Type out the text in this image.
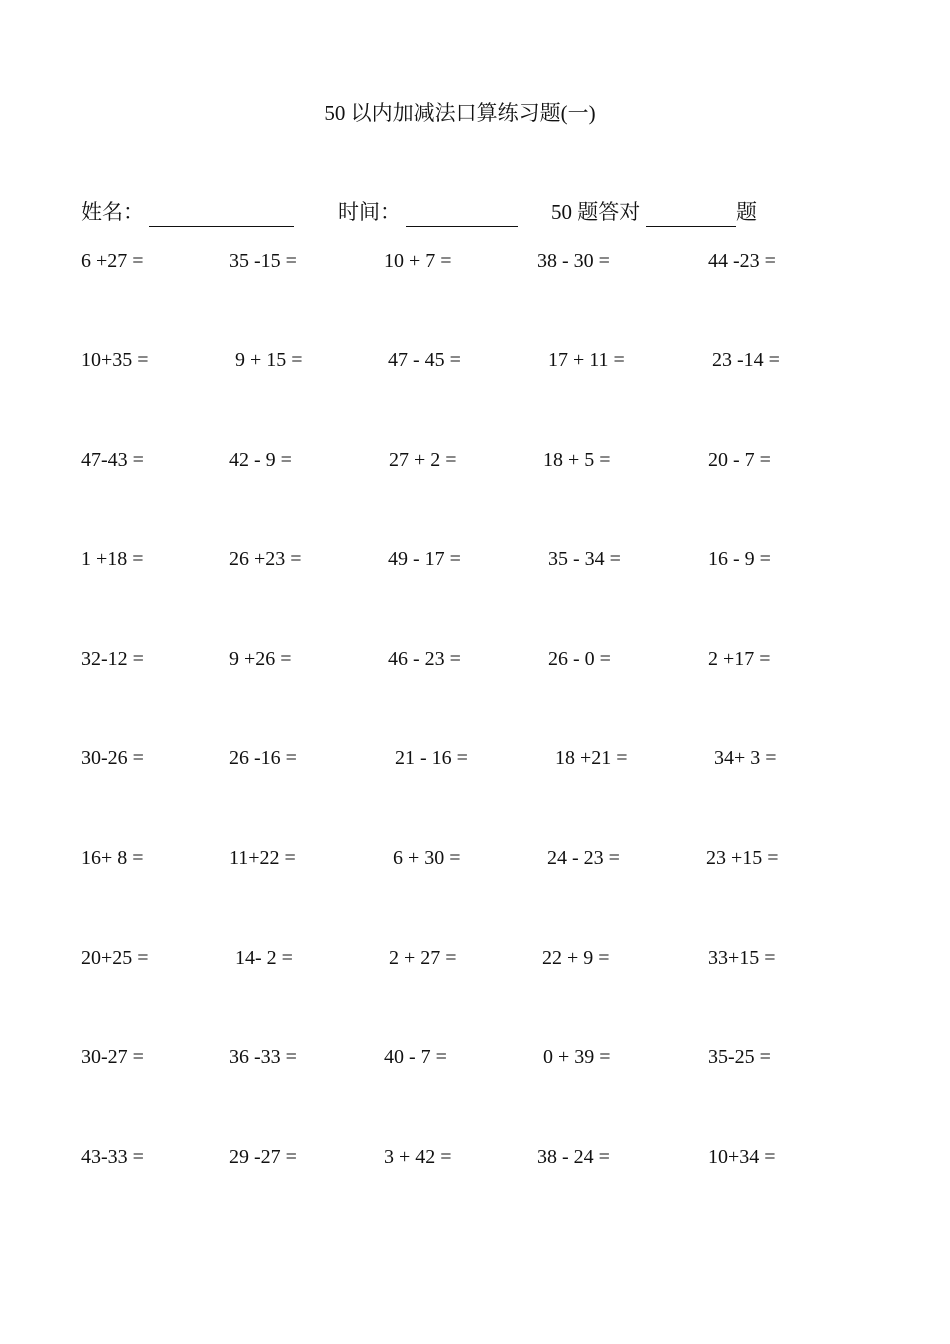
50 以内加减法口算练习题(一)
姓名：	时间：	50 题答对	题
6 +27 =	35 -15 =	10 + 7 =	38 - 30 =	44 -23 =
10+35 =	9 + 15 =	47 - 45 =	17 + 11 =	23 -14 =
47-43 =	42 - 9 =	27 + 2 =	18 + 5 =	20 - 7 =
1 +18 =	26 +23 =	49 - 17 =	35 - 34 =	16 - 9 =
32-12 =	9 +26 =	46 - 23 =	26 - 0 =	2 +17 =
30-26 =	26 -16 =	21 - 16 =	18 +21 =	34+ 3 =
16+ 8 =	11+22 =	6 + 30 =	24 - 23 =	23 +15 =
20+25 =	14- 2 =	2 + 27 =	22 + 9 =	33+15 =
30-27 =	36 -33 =	40 - 7 =	0 + 39 =	35-25 =
43-33 =	29 -27 =	3 + 42 =	38 - 24 =	10+34 =
